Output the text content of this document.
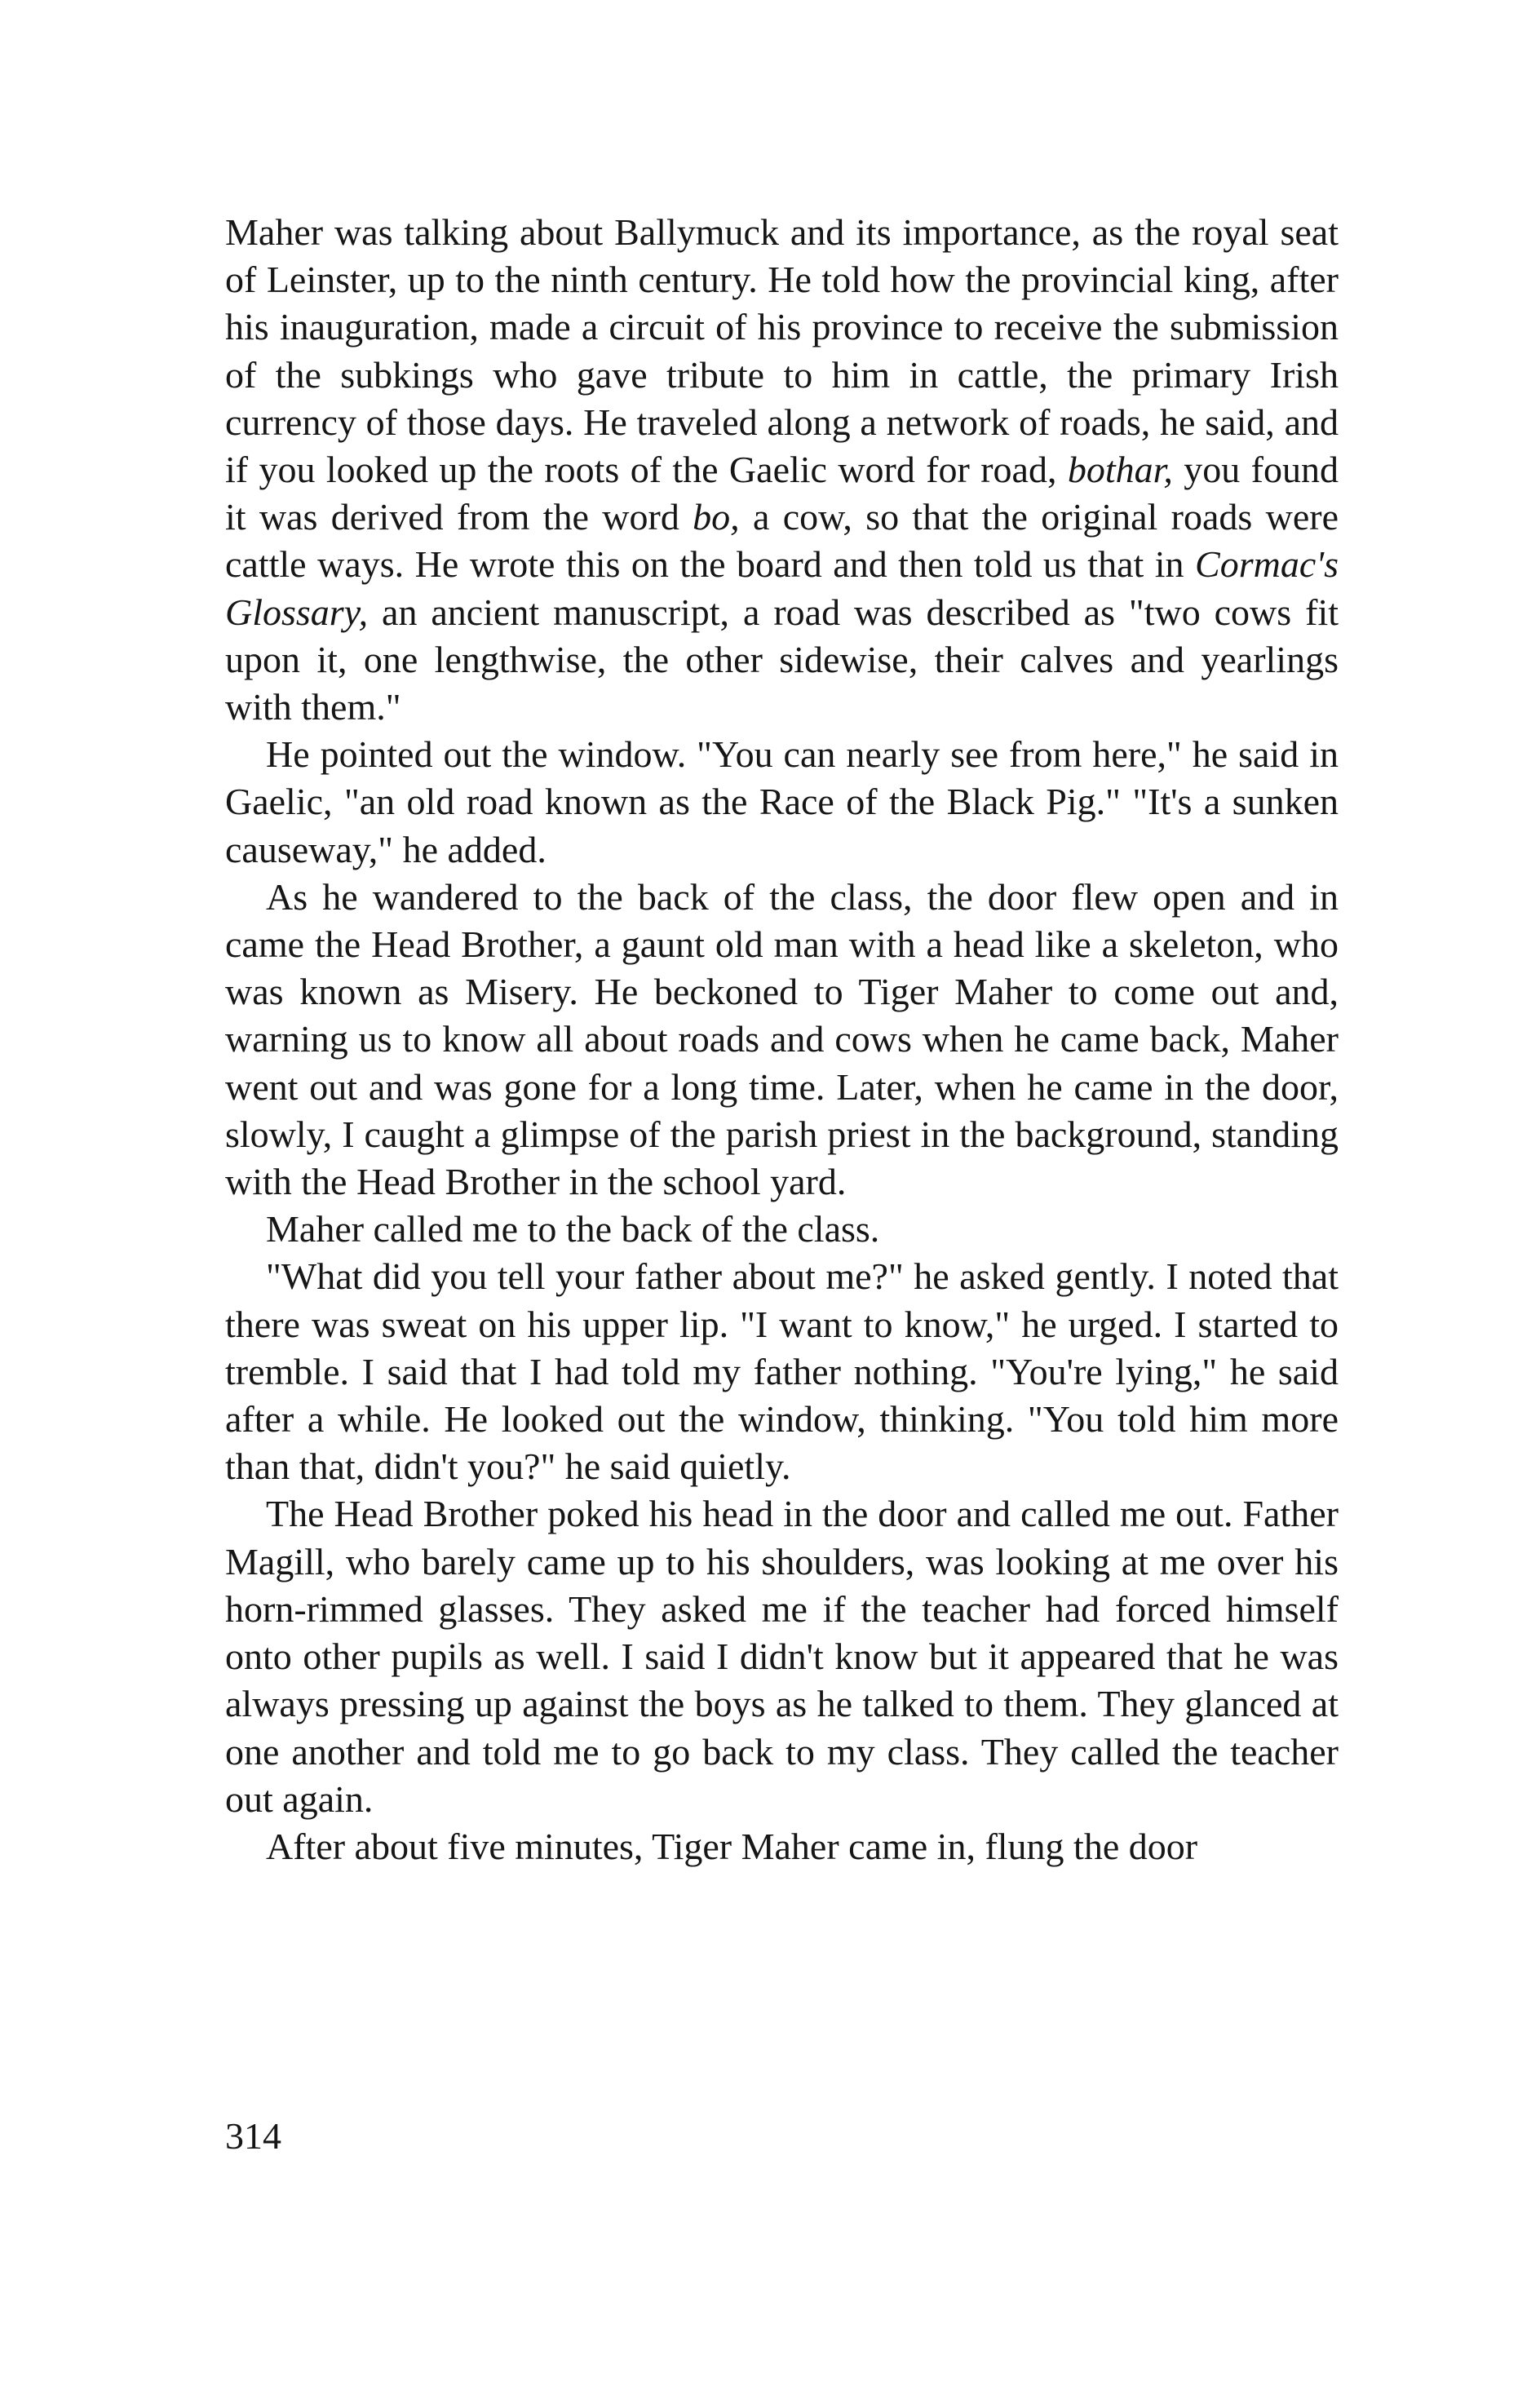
Maher was talking about Ballymuck and its importance, as the royal seat of Leinster, up to the ninth century. He told how the provincial king, after his inauguration, made a circuit of his province to receive the submission of the subkings who gave tribute to him in cattle, the primary Irish currency of those days. He traveled along a network of roads, he said, and if you looked up the roots of the Gaelic word for road, bothar, you found it was derived from the word bo, a cow, so that the original roads were cattle ways. He wrote this on the board and then told us that in Cormac's Glossary, an ancient manuscript, a road was described as "two cows fit upon it, one lengthwise, the other sidewise, their calves and yearlings with them."

He pointed out the window. "You can nearly see from here," he said in Gaelic, "an old road known as the Race of the Black Pig." "It's a sunken causeway," he added.

As he wandered to the back of the class, the door flew open and in came the Head Brother, a gaunt old man with a head like a skeleton, who was known as Misery. He beckoned to Tiger Maher to come out and, warning us to know all about roads and cows when he came back, Maher went out and was gone for a long time. Later, when he came in the door, slowly, I caught a glimpse of the parish priest in the background, standing with the Head Brother in the school yard.

Maher called me to the back of the class.

"What did you tell your father about me?" he asked gently. I noted that there was sweat on his upper lip. "I want to know," he urged. I started to tremble. I said that I had told my father nothing. "You're lying," he said after a while. He looked out the window, thinking. "You told him more than that, didn't you?" he said quietly.

The Head Brother poked his head in the door and called me out. Father Magill, who barely came up to his shoulders, was looking at me over his horn-rimmed glasses. They asked me if the teacher had forced himself onto other pupils as well. I said I didn't know but it appeared that he was always pressing up against the boys as he talked to them. They glanced at one another and told me to go back to my class. They called the teacher out again.

After about five minutes, Tiger Maher came in, flung the door

314
